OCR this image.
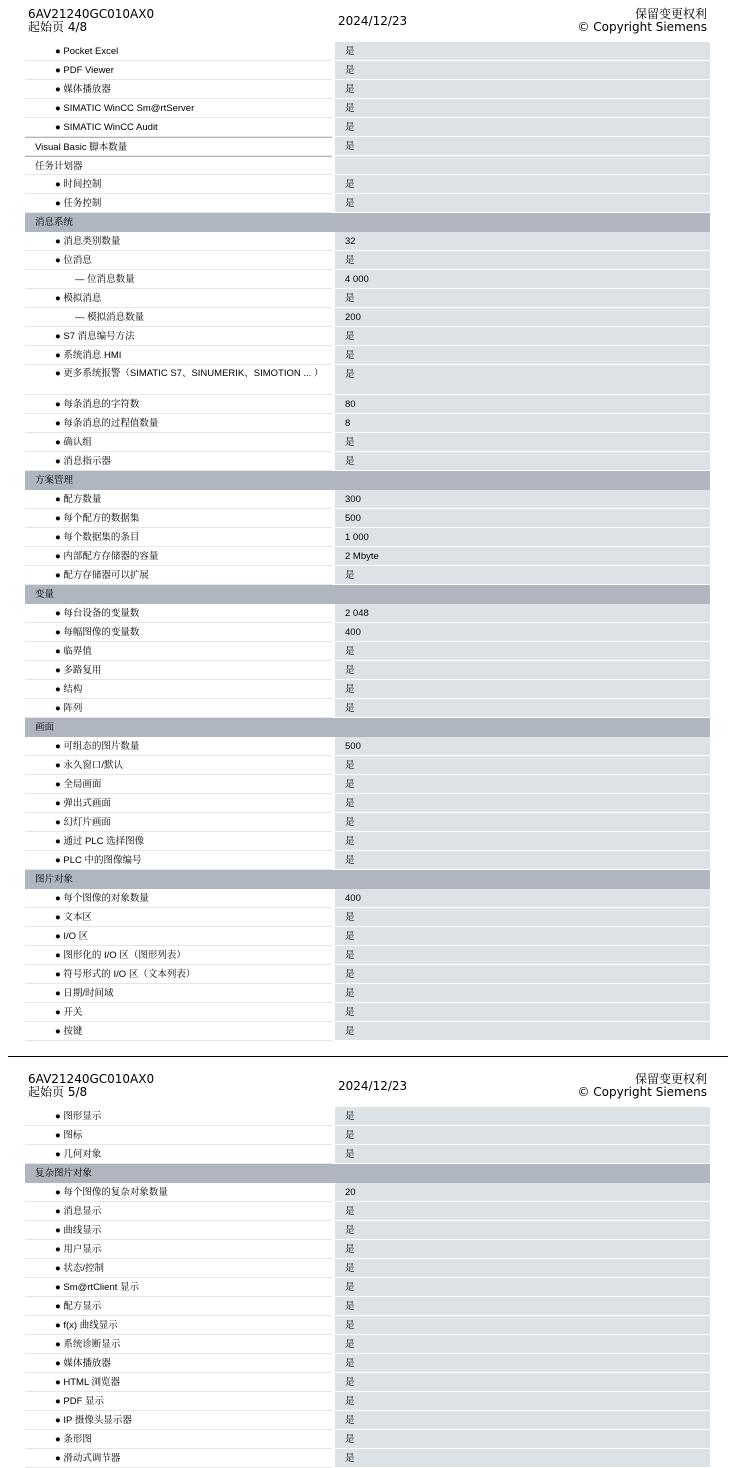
6AV21240GC010AX0
起始页 4/8	2024/12/23	保留变更权利
© Copyright Siemens
● Pocket Excel	是
● PDF Viewer	是
● 媒体播放器	是
● SIMATIC WinCC Sm@rtServer	是
● SIMATIC WinCC Audit	是
Visual Basic 脚本数量	是
任务计划器
● 时间控制	是
● 任务控制	是
消息系统
● 消息类别数量	32
● 位消息	是
— 位消息数量	4 000
● 模拟消息	是
— 模拟消息数量	200
● S7 消息编号方法	是
● 系统消息 HMI	是
● 更多系统报警（SIMATIC S7、SINUMERIK、SIMOTION ... ）	是
● 每条消息的字符数	80
● 每条消息的过程值数量	8
● 确认组	是
● 消息指示器	是
方案管理
● 配方数量	300
● 每个配方的数据集	500
● 每个数据集的条目	1 000
● 内部配方存储器的容量	2 Mbyte
● 配方存储器可以扩展	是
变量
● 每台设备的变量数	2 048
● 每幅图像的变量数	400
● 临界值	是
● 多路复用	是
● 结构	是
● 阵列	是
画面
● 可组态的图片数量	500
● 永久窗口/默认	是
● 全局画面	是
● 弹出式画面	是
● 幻灯片画面	是
● 通过 PLC 选择图像	是
● PLC 中的图像编号	是
图片对象
● 每个图像的对象数量	400
● 文本区	是
● I/O 区	是
● 图形化的 I/O 区（图形列表）	是
● 符号形式的 I/O 区（文本列表）	是
● 日期/时间域	是
● 开关	是
● 按键	是
6AV21240GC010AX0
起始页 5/8	2024/12/23	保留变更权利
© Copyright Siemens
● 图形显示	是
● 图标	是
● 几何对象	是
复杂图片对象
● 每个图像的复杂对象数量	20
● 消息显示	是
● 曲线显示	是
● 用户显示	是
● 状态/控制	是
● Sm@rtClient 显示	是
● 配方显示	是
● f(x) 曲线显示	是
● 系统诊断显示	是
● 媒体播放器	是
● HTML 浏览器	是
● PDF 显示	是
● IP 摄像头显示器	是
● 条形图	是
● 滑动式调节器	是
